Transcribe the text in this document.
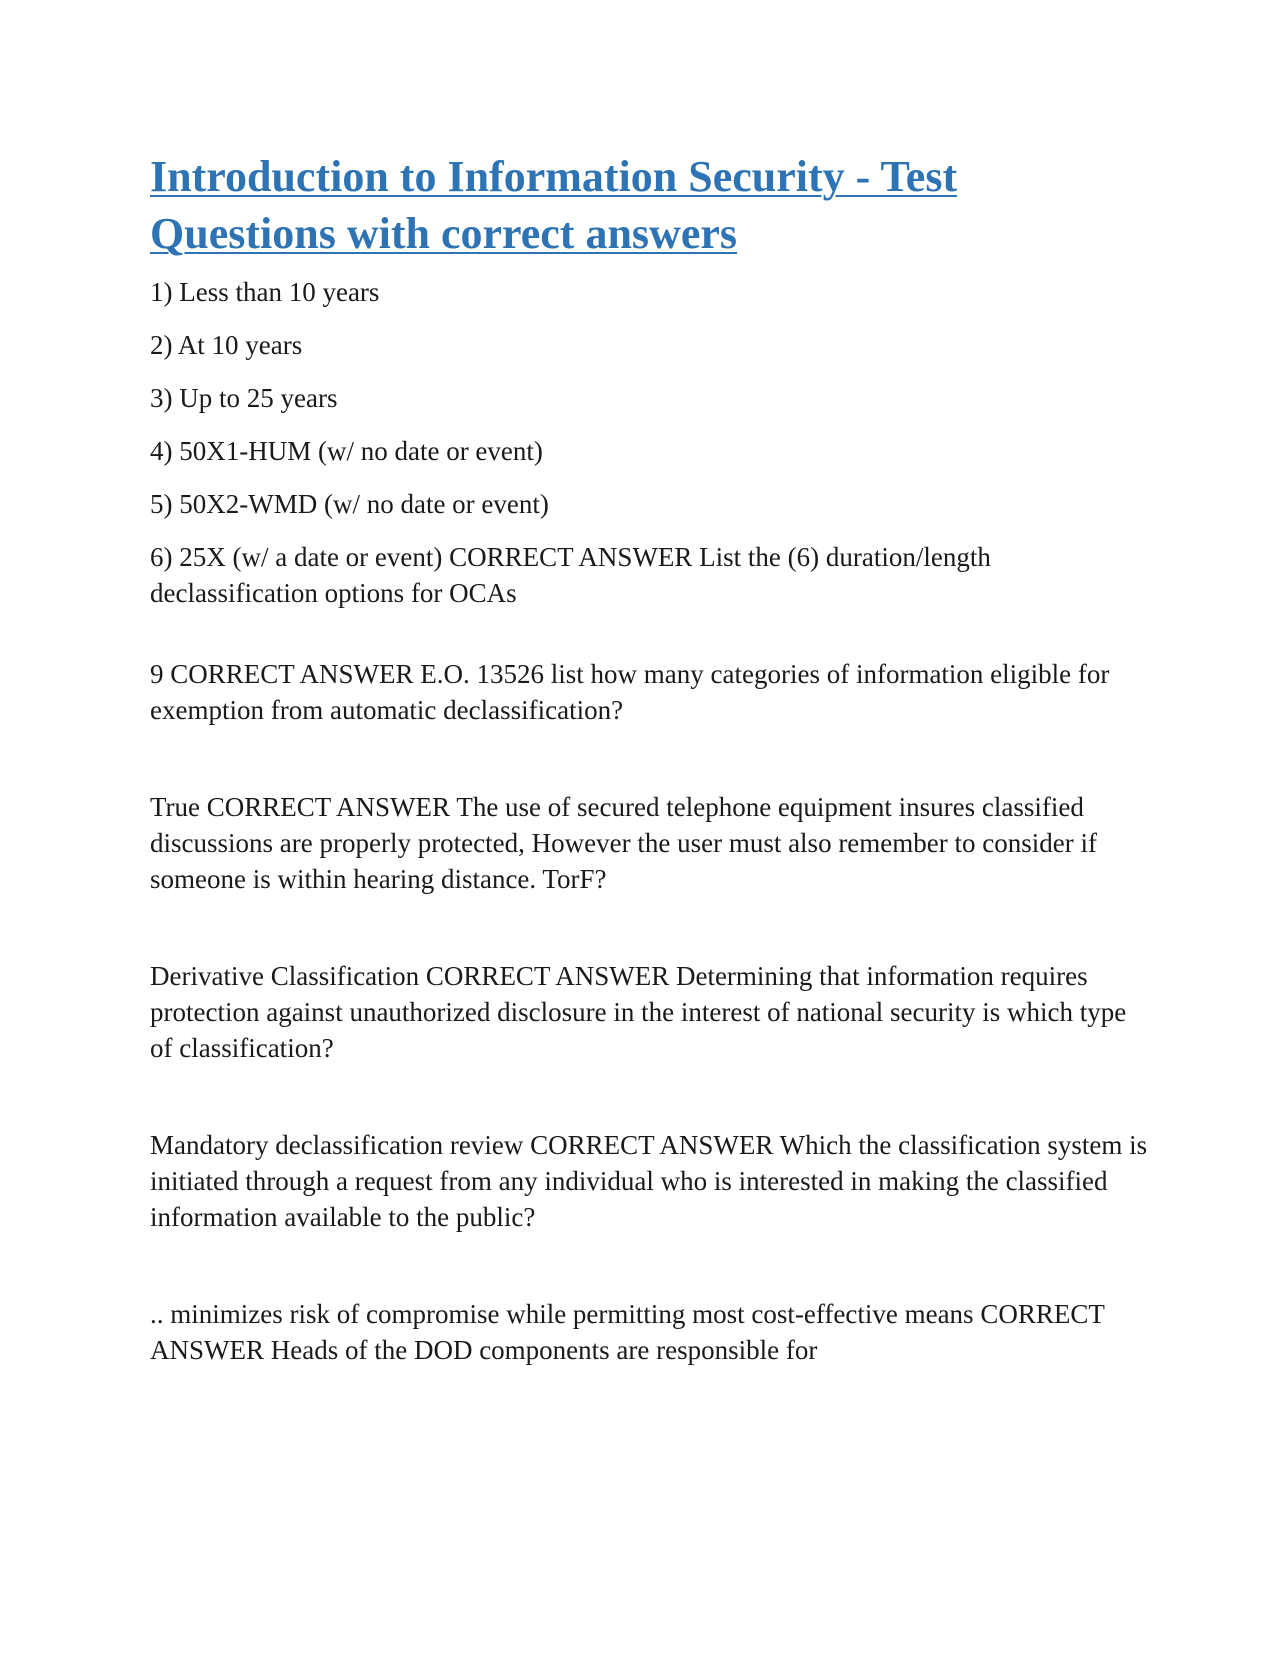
Introduction to Information Security - Test Questions with correct answers

1) Less than 10 years

2) At 10 years

3) Up to 25 years

4) 50X1-HUM (w/ no date or event)

5) 50X2-WMD (w/ no date or event)

6) 25X (w/ a date or event) CORRECT ANSWER List the (6) duration/length declassification options for OCAs

9 CORRECT ANSWER E.O. 13526 list how many categories of information eligible for exemption from automatic declassification?

True CORRECT ANSWER The use of secured telephone equipment insures classified discussions are properly protected, However the user must also remember to consider if someone is within hearing distance. TorF?

Derivative Classification CORRECT ANSWER Determining that information requires protection against unauthorized disclosure in the interest of national security is which type of classification?

Mandatory declassification review CORRECT ANSWER Which the classification system is initiated through a request from any individual who is interested in making the classified information available to the public?

.. minimizes risk of compromise while permitting most cost-effective means CORRECT ANSWER Heads of the DOD components are responsible for
